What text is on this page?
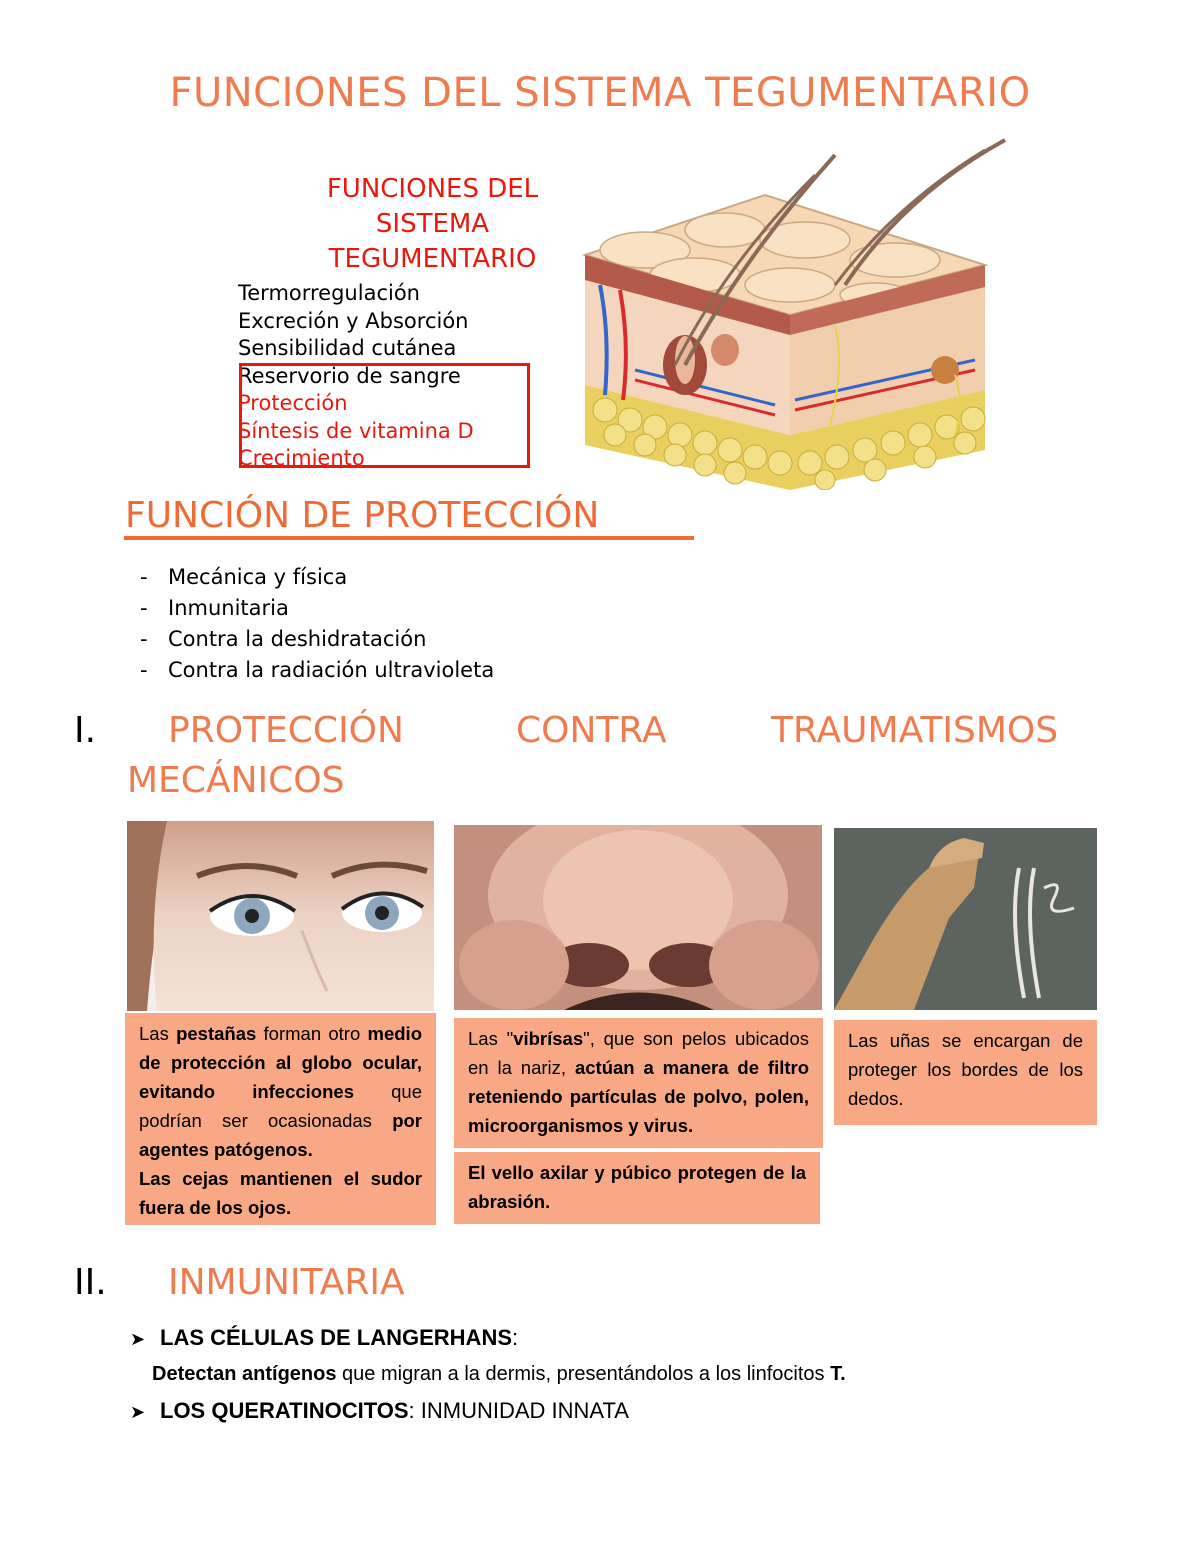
FUNCIONES DEL SISTEMA TEGUMENTARIO
FUNCIONES DEL
SISTEMA
TEGUMENTARIO
Termorregulación
Excreción y Absorción
Sensibilidad cutánea
Reservorio de sangre
Protección
Síntesis de vitamina D
Crecimiento
FUNCIÓN DE PROTECCIÓN
- Mecánica y física
- Inmunitaria
- Contra la deshidratación
- Contra la radiación ultravioleta
I. PROTECCIÓN	CONTRA	TRAUMATISMOS
MECÁNICOS
Las pestañas forman otro medio de protección al globo ocular, evitando infecciones que podrían ser ocasionadas por agentes patógenos.
Las cejas mantienen el sudor fuera de los ojos.
Las "vibrísas", que son pelos ubicados en la nariz, actúan a manera de filtro reteniendo partículas de polvo, polen, microorganismos y virus.
El vello axilar y púbico protegen de la abrasión.
Las uñas se encargan de proteger los bordes de los dedos.
II. INMUNITARIA
➤ LAS CÉLULAS DE LANGERHANS:
Detectan antígenos que migran a la dermis, presentándolos a los linfocitos T.
➤ LOS QUERATINOCITOS: INMUNIDAD INNATA
